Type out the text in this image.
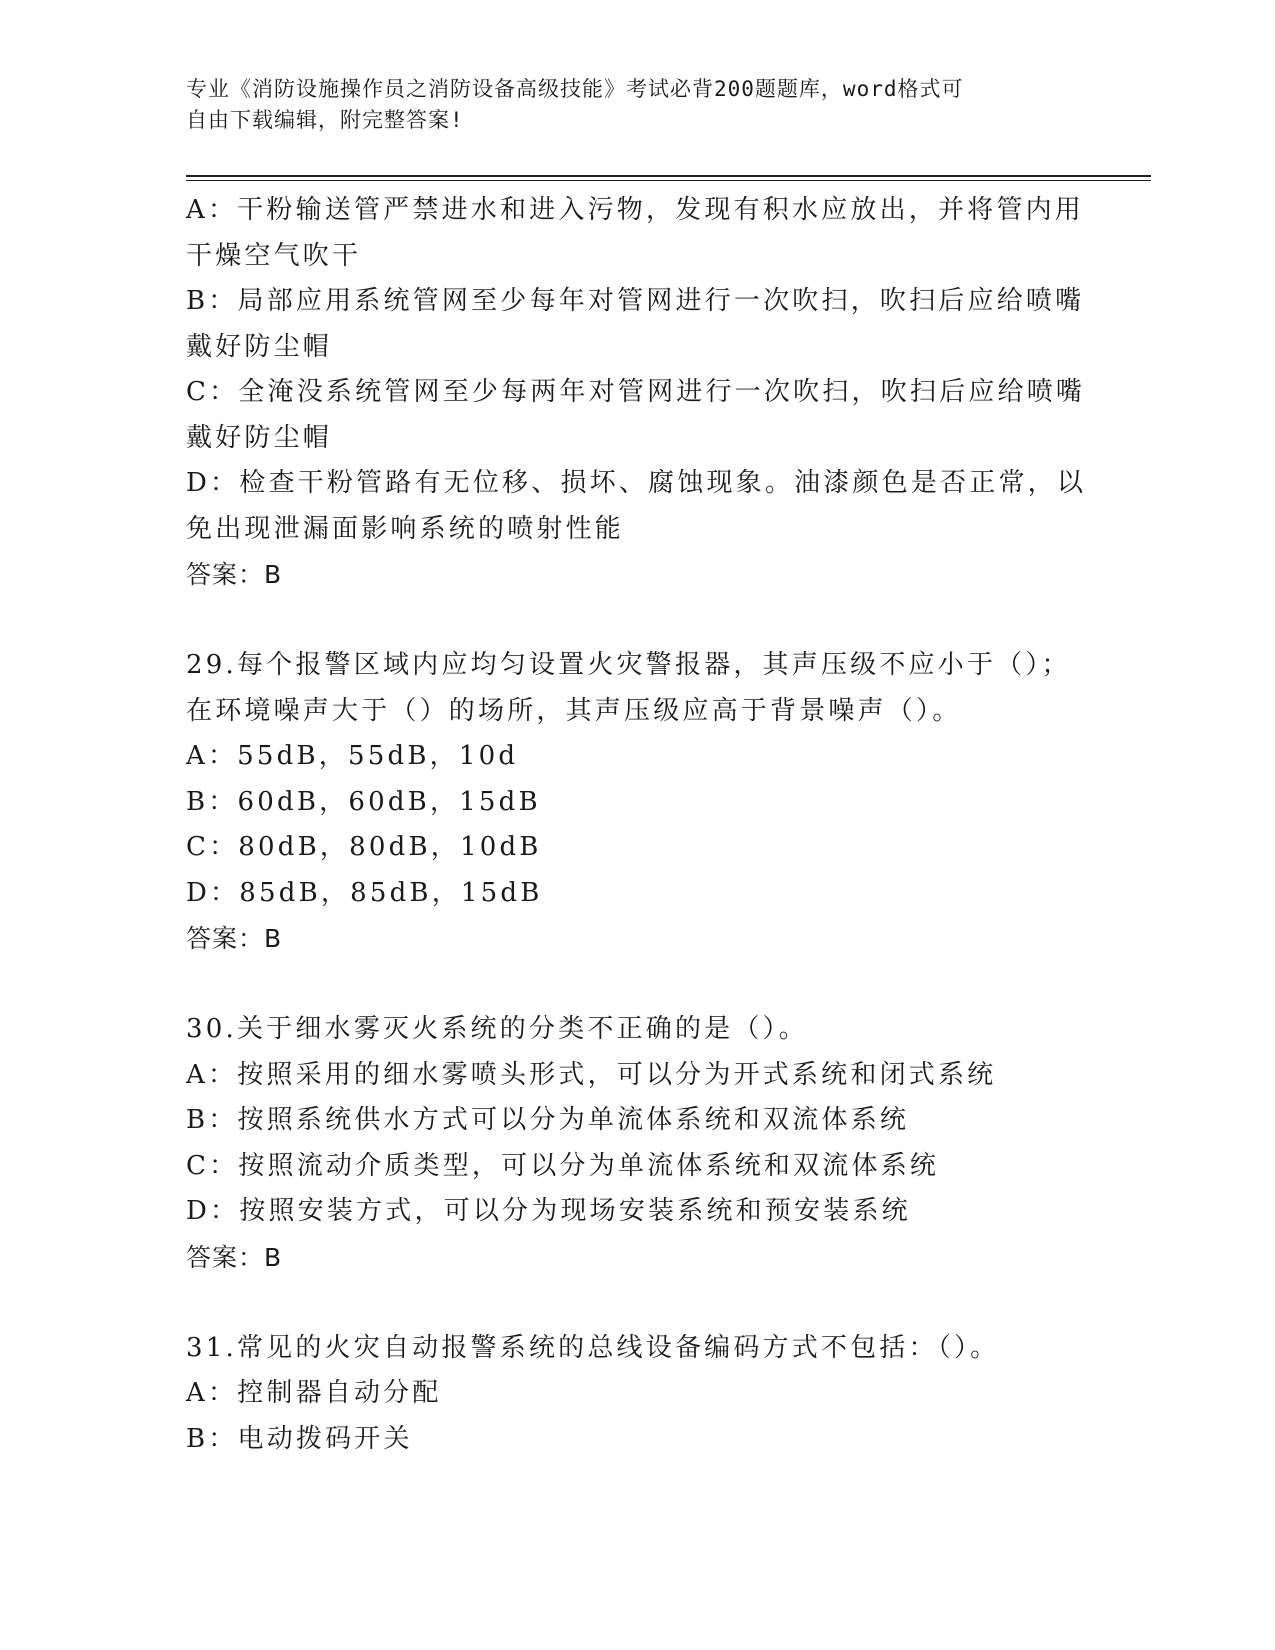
专业《消防设施操作员之消防设备高级技能》考试必背200题题库，word格式可
自由下载编辑，附完整答案!
A：干粉输送管严禁进水和进入污物，发现有积水应放出，并将管内用
干燥空气吹干
B：局部应用系统管网至少每年对管网进行一次吹扫，吹扫后应给喷嘴
戴好防尘帽
C：全淹没系统管网至少每两年对管网进行一次吹扫，吹扫后应给喷嘴
戴好防尘帽
D：检查干粉管路有无位移、损坏、腐蚀现象。油漆颜色是否正常，以
免出现泄漏面影响系统的喷射性能
答案：B
29.每个报警区域内应均匀设置火灾警报器，其声压级不应小于（）；
在环境噪声大于（）的场所，其声压级应高于背景噪声（）。
A：55dB，55dB，10d
B：60dB，60dB，15dB
C：80dB，80dB，10dB
D：85dB，85dB，15dB
答案：B
30.关于细水雾灭火系统的分类不正确的是（）。
A：按照采用的细水雾喷头形式，可以分为开式系统和闭式系统
B：按照系统供水方式可以分为单流体系统和双流体系统
C：按照流动介质类型，可以分为单流体系统和双流体系统
D：按照安装方式，可以分为现场安装系统和预安装系统
答案：B
31.常见的火灾自动报警系统的总线设备编码方式不包括：（）。
A：控制器自动分配
B：电动拨码开关
